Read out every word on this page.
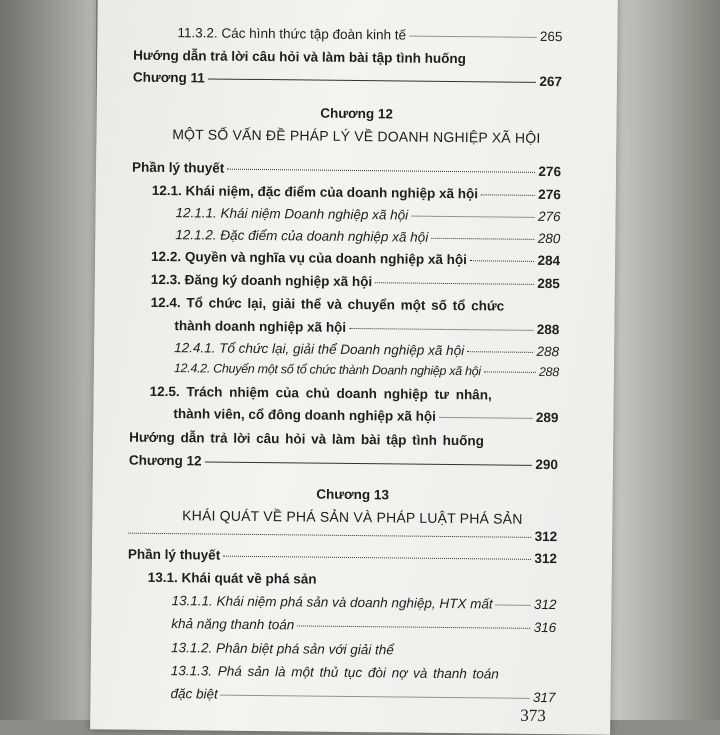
11.3.2. Các hình thức tập đoàn kinh tế	265
Hướng dẫn trả lời câu hỏi và làm bài tập tình huống
Chương 11	267
Chương 12
MỘT SỐ VẤN ĐỀ PHÁP LÝ VỀ DOANH NGHIỆP XÃ HỘI
Phần lý thuyết	276
12.1. Khái niệm, đặc điểm của doanh nghiệp xã hội	276
12.1.1. Khái niệm Doanh nghiệp xã hội	276
12.1.2. Đặc điểm của doanh nghiệp xã hội	280
12.2. Quyền và nghĩa vụ của doanh nghiệp xã hội	284
12.3. Đăng ký doanh nghiệp xã hội	285
12.4. Tổ chức lại, giải thể và chuyển một số tổ chức
thành doanh nghiệp xã hội	288
12.4.1. Tổ chức lại, giải thể Doanh nghiệp xã hội	288
12.4.2. Chuyển một số tổ chức thành Doanh nghiệp xã hội	288
12.5. Trách nhiệm của chủ doanh nghiệp tư nhân,
thành viên, cổ đông doanh nghiệp xã hội	289
Hướng dẫn trả lời câu hỏi và làm bài tập tình huống
Chương 12	290
Chương 13
KHÁI QUÁT VỀ PHÁ SẢN VÀ PHÁP LUẬT PHÁ SẢN
312
Phần lý thuyết	312
13.1. Khái quát về phá sản
13.1.1. Khái niệm phá sản và doanh nghiệp, HTX mất	312
khả năng thanh toán	316
13.1.2. Phân biệt phá sản với giải thể
13.1.3. Phá sản là một thủ tục đòi nợ và thanh toán
đặc biệt	317
373
